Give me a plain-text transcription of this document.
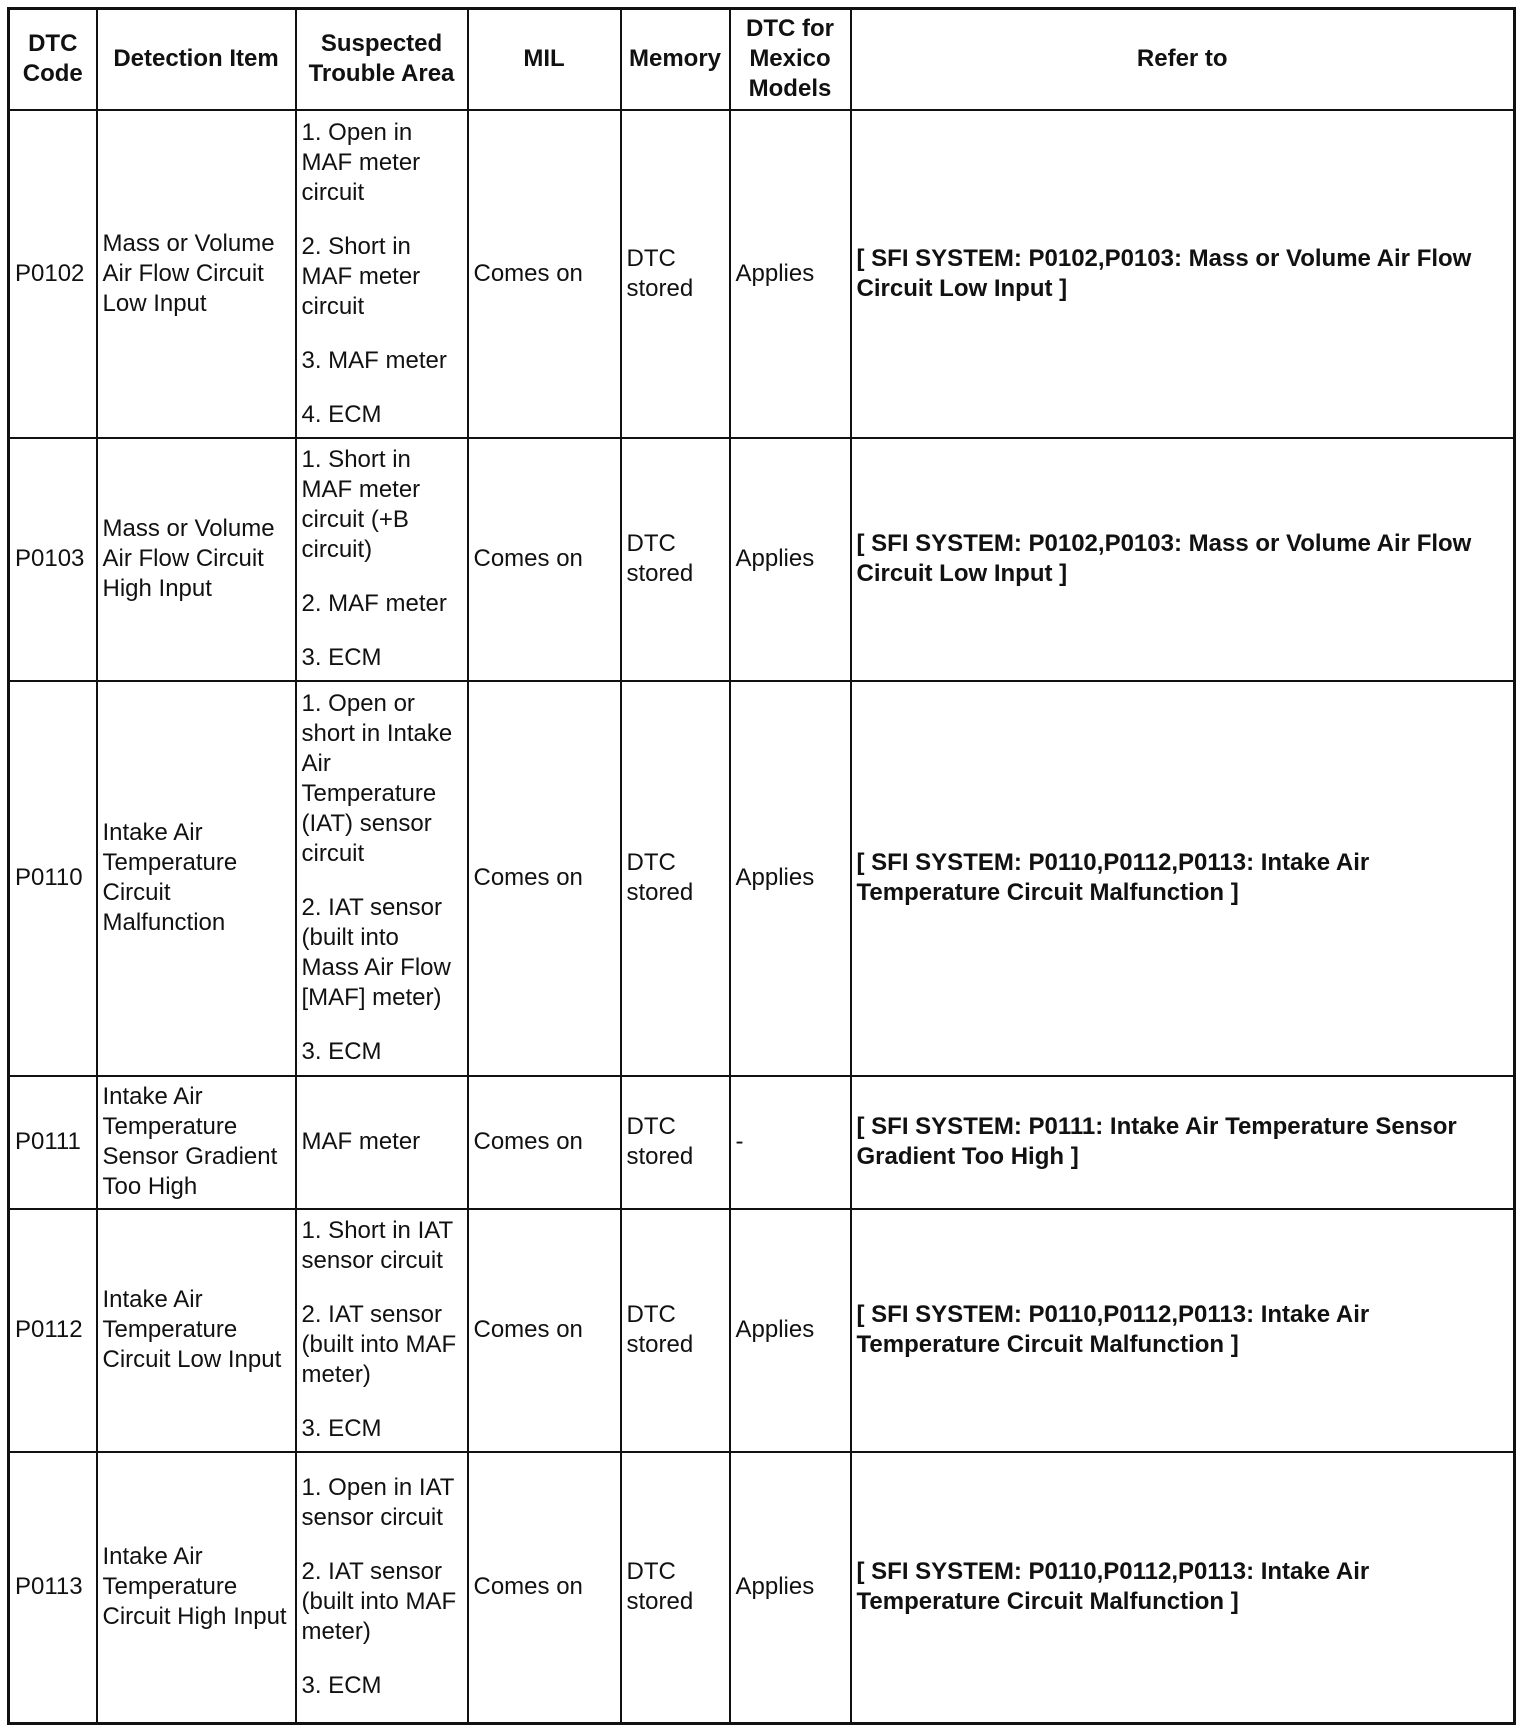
DTC Code	Detection Item	Suspected Trouble Area	MIL	Memory	DTC for Mexico Models	Refer to
P0102	Mass or Volume Air Flow Circuit Low Input	1. Open in MAF meter circuit
2. Short in MAF meter circuit
3. MAF meter
4. ECM	Comes on	DTC stored	Applies	[ SFI SYSTEM: P0102,P0103: Mass or Volume Air Flow Circuit Low Input ]
P0103	Mass or Volume Air Flow Circuit High Input	1. Short in MAF meter circuit (+B circuit)
2. MAF meter
3. ECM	Comes on	DTC stored	Applies	[ SFI SYSTEM: P0102,P0103: Mass or Volume Air Flow Circuit Low Input ]
P0110	Intake Air Temperature Circuit Malfunction	1. Open or short in Intake Air Temperature (IAT) sensor circuit
2. IAT sensor (built into Mass Air Flow [MAF] meter)
3. ECM	Comes on	DTC stored	Applies	[ SFI SYSTEM: P0110,P0112,P0113: Intake Air Temperature Circuit Malfunction ]
P0111	Intake Air Temperature Sensor Gradient Too High	MAF meter	Comes on	DTC stored	-	[ SFI SYSTEM: P0111: Intake Air Temperature Sensor Gradient Too High ]
P0112	Intake Air Temperature Circuit Low Input	1. Short in IAT sensor circuit
2. IAT sensor (built into MAF meter)
3. ECM	Comes on	DTC stored	Applies	[ SFI SYSTEM: P0110,P0112,P0113: Intake Air Temperature Circuit Malfunction ]
P0113	Intake Air Temperature Circuit High Input	1. Open in IAT sensor circuit
2. IAT sensor (built into MAF meter)
3. ECM	Comes on	DTC stored	Applies	[ SFI SYSTEM: P0110,P0112,P0113: Intake Air Temperature Circuit Malfunction ]
